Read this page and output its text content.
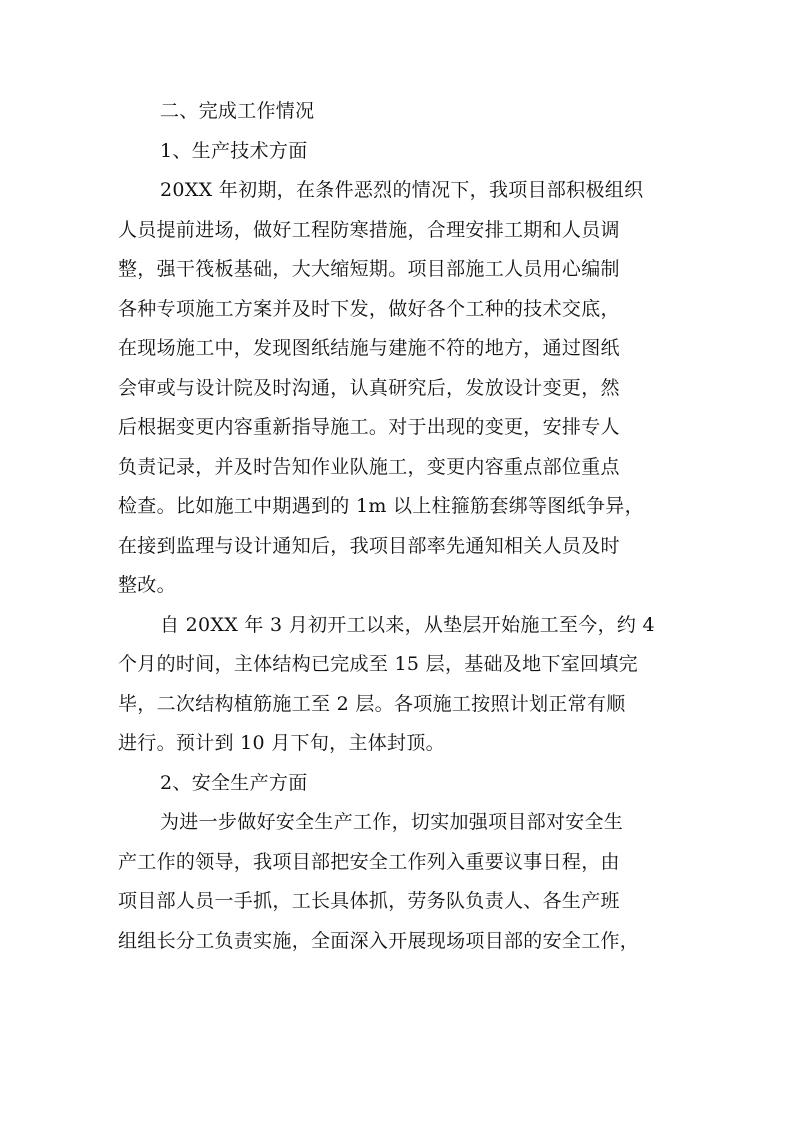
二、完成工作情况
1、生产技术方面
20XX 年初期，在条件恶烈的情况下，我项目部积极组织
人员提前进场，做好工程防寒措施，合理安排工期和人员调
整，强干筏板基础，大大缩短期。项目部施工人员用心编制
各种专项施工方案并及时下发，做好各个工种的技术交底，
在现场施工中，发现图纸结施与建施不符的地方，通过图纸
会审或与设计院及时沟通，认真研究后，发放设计变更，然
后根据变更内容重新指导施工。对于出现的变更，安排专人
负责记录，并及时告知作业队施工，变更内容重点部位重点
检查。比如施工中期遇到的 1m 以上柱箍筋套绑等图纸争异，
在接到监理与设计通知后，我项目部率先通知相关人员及时
整改。
自 20XX 年 3 月初开工以来，从垫层开始施工至今，约 4
个月的时间，主体结构已完成至 15 层，基础及地下室回填完
毕，二次结构植筋施工至 2 层。各项施工按照计划正常有顺
进行。预计到 10 月下旬，主体封顶。
2、安全生产方面
为进一步做好安全生产工作，切实加强项目部对安全生
产工作的领导，我项目部把安全工作列入重要议事日程，由
项目部人员一手抓，工长具体抓，劳务队负责人、各生产班
组组长分工负责实施，全面深入开展现场项目部的安全工作，
